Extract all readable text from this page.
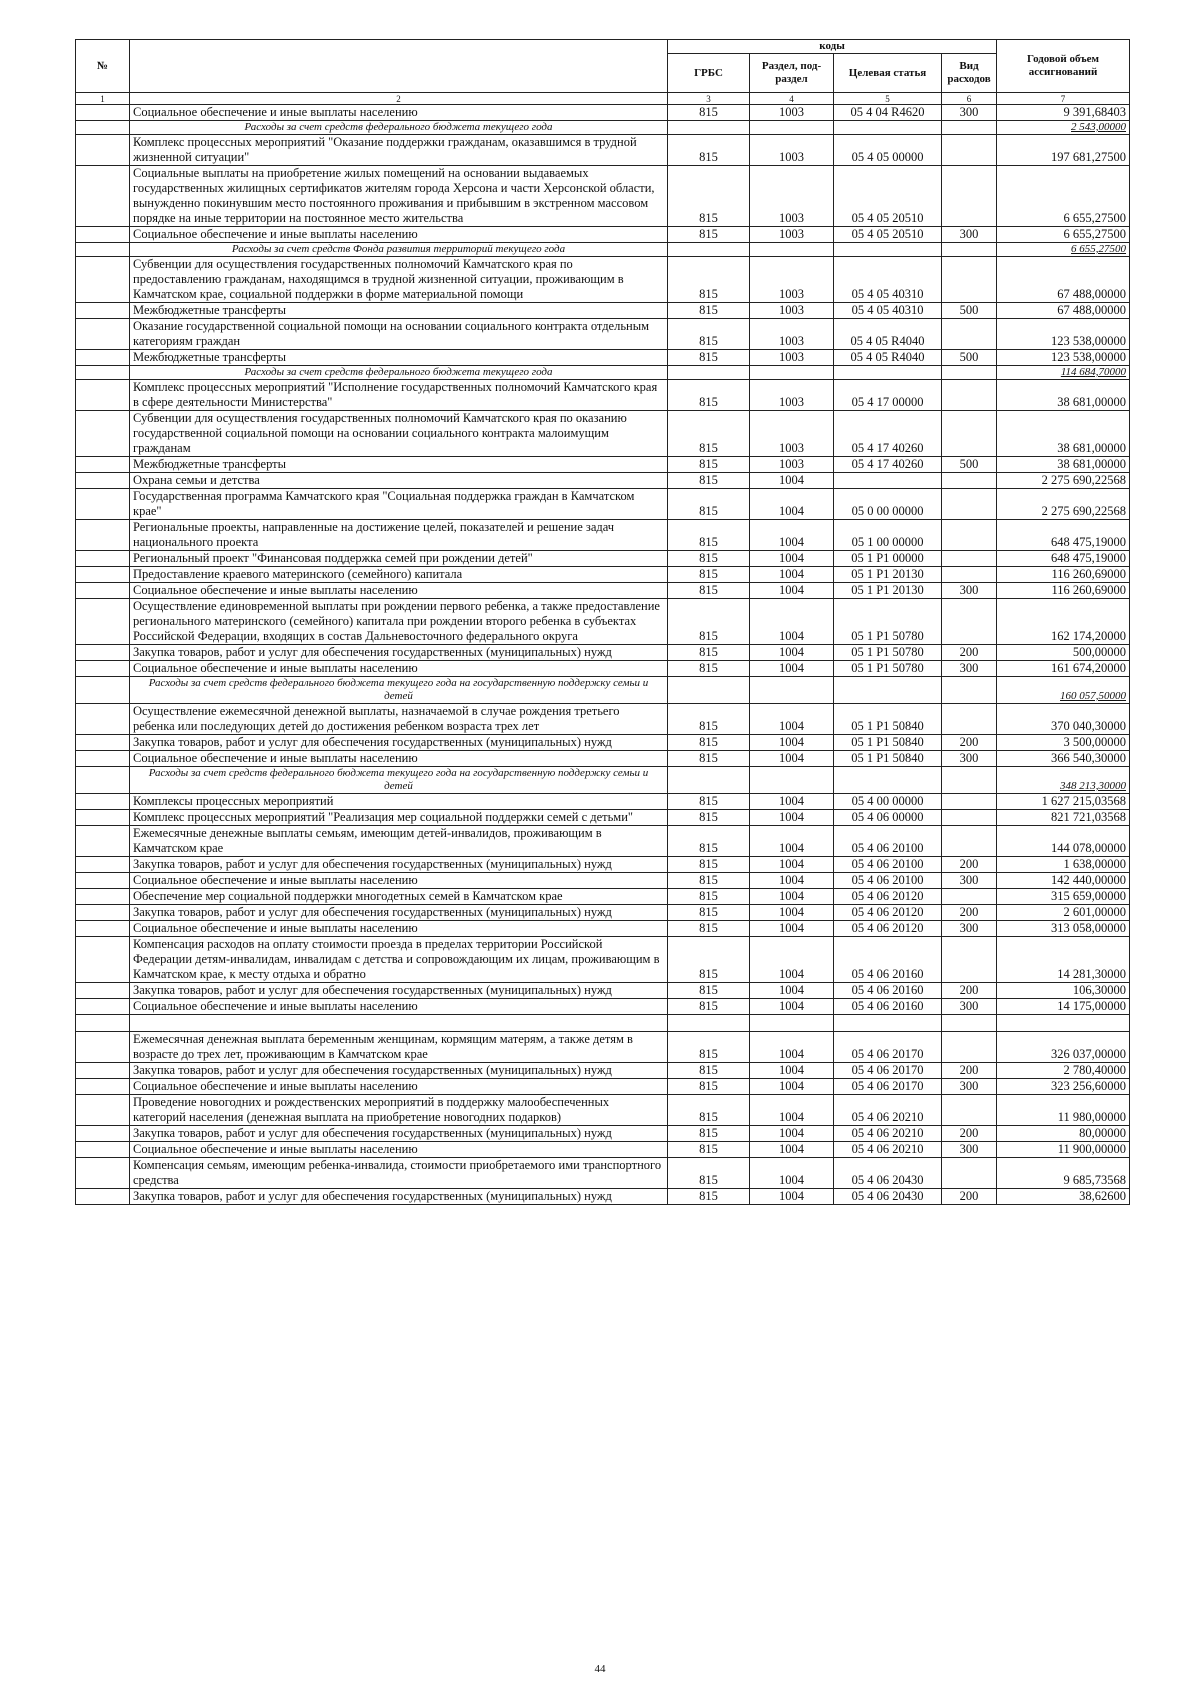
№		коды				Годовой объем ассигнований
		ГРБС	Раздел, под-раздел	Целевая статья	Вид расходов	
1	2	3	4	5	6	7
	Социальное обеспечение и иные выплаты населению	815	1003	05 4 04 R4620	300	9 391,68403
	Расходы за счет средств федерального бюджета текущего года					2 543,00000
	Комплекс процессных мероприятий "Оказание поддержки гражданам, оказавшимся в трудной жизненной ситуации"	815	1003	05 4 05 00000		197 681,27500
	Социальные выплаты на приобретение жилых помещений на основании выдаваемых государственных жилищных сертификатов жителям города Херсона и части Херсонской области, вынужденно покинувшим место постоянного проживания и прибывшим в экстренном массовом порядке на иные территории на постоянное место жительства	815	1003	05 4 05 20510		6 655,27500
	Социальное обеспечение и иные выплаты населению	815	1003	05 4 05 20510	300	6 655,27500
	Расходы за счет средств Фонда развития территорий текущего года					6 655,27500
	Субвенции для осуществления государственных полномочий Камчатского края по предоставлению гражданам, находящимся в трудной жизненной ситуации, проживающим в Камчатском крае, социальной поддержки в форме материальной помощи	815	1003	05 4 05 40310		67 488,00000
	Межбюджетные трансферты	815	1003	05 4 05 40310	500	67 488,00000
	Оказание государственной социальной помощи на основании социального контракта отдельным категориям граждан	815	1003	05 4 05 R4040		123 538,00000
	Межбюджетные трансферты	815	1003	05 4 05 R4040	500	123 538,00000
	Расходы за счет средств федерального бюджета текущего года					114 684,70000
	Комплекс процессных мероприятий "Исполнение государственных полномочий Камчатского края в сфере деятельности Министерства"	815	1003	05 4 17 00000		38 681,00000
	Субвенции для осуществления государственных полномочий Камчатского края по оказанию государственной социальной помощи на основании социального контракта малоимущим гражданам	815	1003	05 4 17 40260		38 681,00000
	Межбюджетные трансферты	815	1003	05 4 17 40260	500	38 681,00000
	Охрана семьи и детства	815	1004			2 275 690,22568
	Государственная программа Камчатского края "Социальная поддержка граждан в Камчатском крае"	815	1004	05 0 00 00000		2 275 690,22568
	Региональные проекты, направленные на достижение целей, показателей и решение задач национального проекта	815	1004	05 1 00 00000		648 475,19000
	Региональный проект "Финансовая поддержка семей при рождении детей"	815	1004	05 1 P1 00000		648 475,19000
	Предоставление краевого материнского (семейного) капитала	815	1004	05 1 P1 20130		116 260,69000
	Социальное обеспечение и иные выплаты населению	815	1004	05 1 P1 20130	300	116 260,69000
	Осуществление единовременной выплаты при рождении первого ребенка, а также предоставление регионального материнского (семейного) капитала при рождении второго ребенка в субъектах Российской Федерации, входящих в состав Дальневосточного федерального округа	815	1004	05 1 P1 50780		162 174,20000
	Закупка товаров, работ и услуг для обеспечения государственных (муниципальных) нужд	815	1004	05 1 P1 50780	200	500,00000
	Социальное обеспечение и иные выплаты населению	815	1004	05 1 P1 50780	300	161 674,20000
	Расходы за счет средств федерального бюджета текущего года на государственную поддержку семьи и детей					160 057,50000
	Осуществление ежемесячной денежной выплаты, назначаемой в случае рождения третьего ребенка или последующих детей до достижения ребенком возраста трех лет	815	1004	05 1 P1 50840		370 040,30000
	Закупка товаров, работ и услуг для обеспечения государственных (муниципальных) нужд	815	1004	05 1 P1 50840	200	3 500,00000
	Социальное обеспечение и иные выплаты населению	815	1004	05 1 P1 50840	300	366 540,30000
	Расходы за счет средств федерального бюджета текущего года на государственную поддержку семьи и детей					348 213,30000
	Комплексы процессных мероприятий	815	1004	05 4 00 00000		1 627 215,03568
	Комплекс процессных мероприятий "Реализация мер социальной поддержки семей с детьми"	815	1004	05 4 06 00000		821 721,03568
	Ежемесячные денежные выплаты семьям, имеющим детей-инвалидов, проживающим в Камчатском крае	815	1004	05 4 06 20100		144 078,00000
	Закупка товаров, работ и услуг для обеспечения государственных (муниципальных) нужд	815	1004	05 4 06 20100	200	1 638,00000
	Социальное обеспечение и иные выплаты населению	815	1004	05 4 06 20100	300	142 440,00000
	Обеспечение мер социальной поддержки многодетных семей в Камчатском крае	815	1004	05 4 06 20120		315 659,00000
	Закупка товаров, работ и услуг для обеспечения государственных (муниципальных) нужд	815	1004	05 4 06 20120	200	2 601,00000
	Социальное обеспечение и иные выплаты населению	815	1004	05 4 06 20120	300	313 058,00000
	Компенсация расходов на оплату стоимости проезда в пределах территории Российской Федерации детям-инвалидам, инвалидам с детства и сопровождающим их лицам, проживающим в Камчатском крае, к месту отдыха и обратно	815	1004	05 4 06 20160		14 281,30000
	Закупка товаров, работ и услуг для обеспечения государственных (муниципальных) нужд	815	1004	05 4 06 20160	200	106,30000
	Социальное обеспечение и иные выплаты населению	815	1004	05 4 06 20160	300	14 175,00000

	Ежемесячная денежная выплата беременным женщинам, кормящим матерям, а также детям в возрасте до трех лет, проживающим в Камчатском крае	815	1004	05 4 06 20170		326 037,00000
	Закупка товаров, работ и услуг для обеспечения государственных (муниципальных) нужд	815	1004	05 4 06 20170	200	2 780,40000
	Социальное обеспечение и иные выплаты населению	815	1004	05 4 06 20170	300	323 256,60000
	Проведение новогодних и рождественских мероприятий в поддержку малообеспеченных категорий населения (денежная выплата на приобретение новогодних подарков)	815	1004	05 4 06 20210		11 980,00000
	Закупка товаров, работ и услуг для обеспечения государственных (муниципальных) нужд	815	1004	05 4 06 20210	200	80,00000
	Социальное обеспечение и иные выплаты населению	815	1004	05 4 06 20210	300	11 900,00000
	Компенсация семьям, имеющим ребенка-инвалида, стоимости приобретаемого ими транспортного средства	815	1004	05 4 06 20430		9 685,73568
	Закупка товаров, работ и услуг для обеспечения государственных (муниципальных) нужд	815	1004	05 4 06 20430	200	38,62600
44
